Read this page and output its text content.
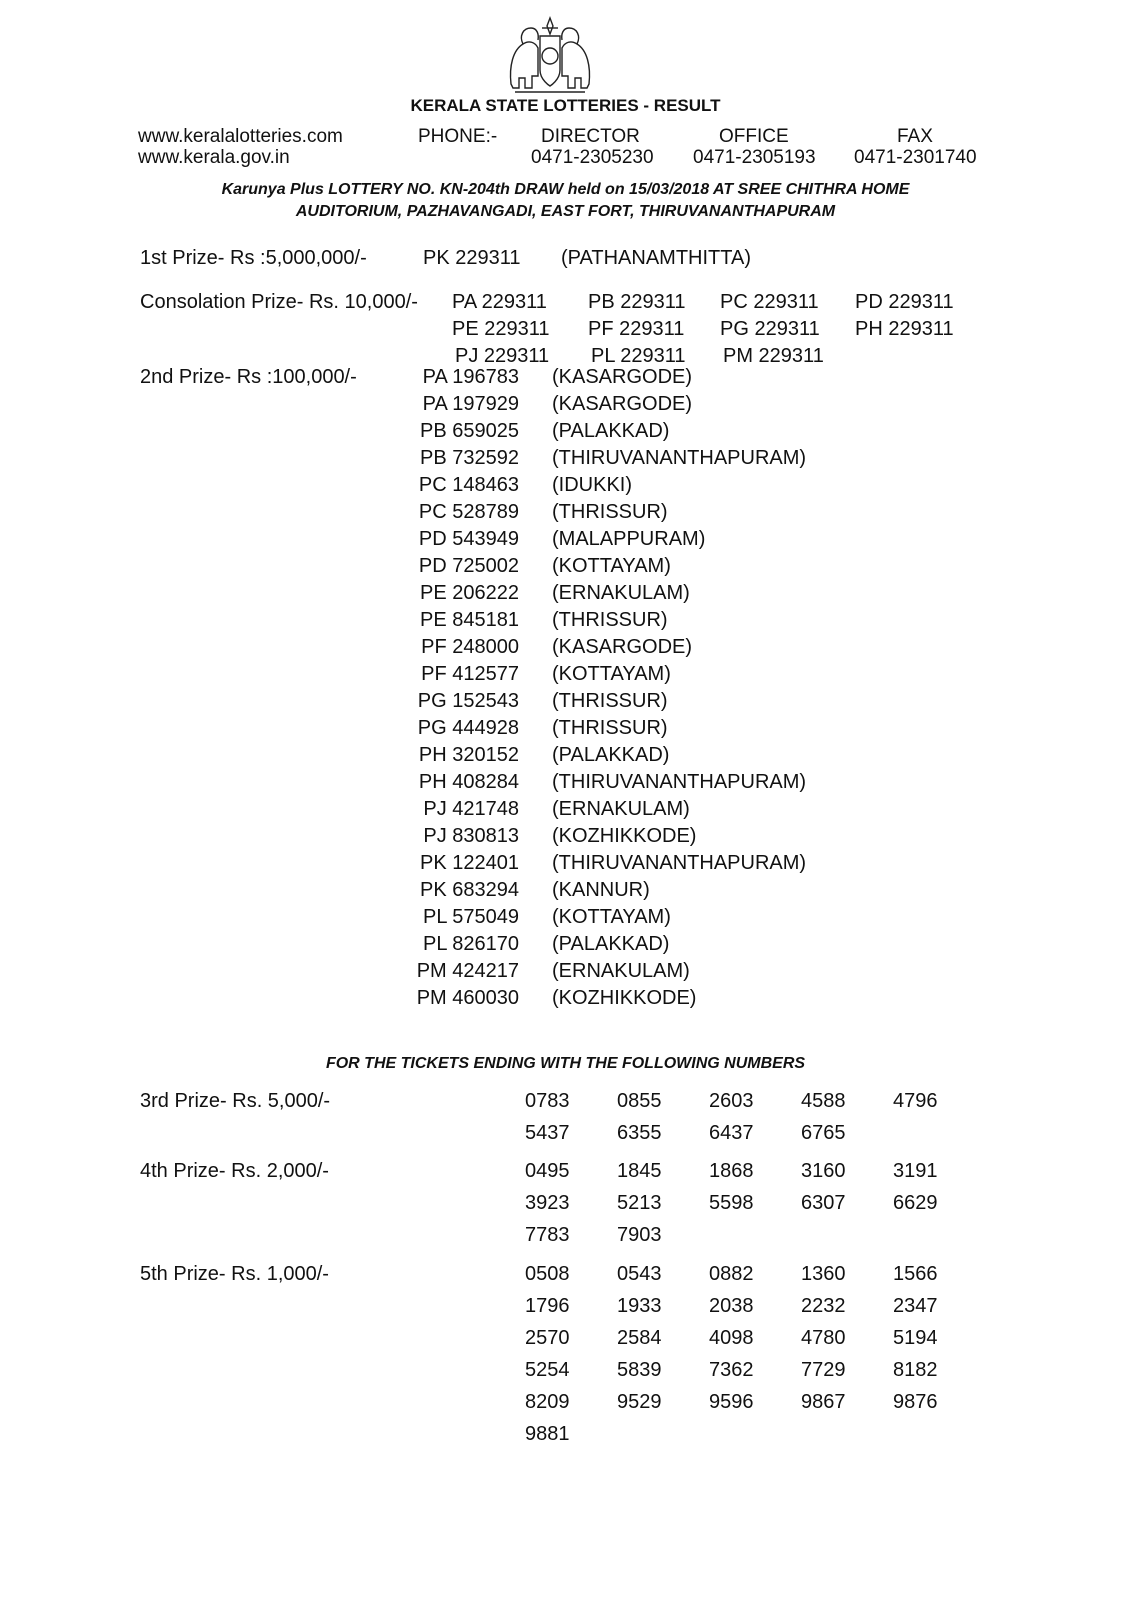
KERALA STATE LOTTERIES - RESULT
www.keralalotteries.com
www.kerala.gov.in
PHONE:- DIRECTOR
0471-2305230
OFFICE
0471-2305193
FAX
0471-2301740
Karunya Plus LOTTERY NO. KN-204th DRAW held on 15/03/2018 AT SREE CHITHRA HOME
AUDITORIUM, PAZHAVANGADI, EAST FORT, THIRUVANANTHAPURAM
1st Prize- Rs :5,000,000/-	PK 229311 (PATHANAMTHITTA)
Consolation Prize- Rs. 10,000/- PA 229311 PB 229311 PC 229311 PD 229311
PE 229311 PF 229311 PG 229311 PH 229311
PJ 229311 PL 229311 PM 229311
2nd Prize- Rs :100,000/-	PA 196783 (KASARGODE)
PA 197929 (KASARGODE)
PB 659025 (PALAKKAD)
PB 732592 (THIRUVANANTHAPURAM)
PC 148463 (IDUKKI)
PC 528789 (THRISSUR)
PD 543949 (MALAPPURAM)
PD 725002 (KOTTAYAM)
PE 206222 (ERNAKULAM)
PE 845181 (THRISSUR)
PF 248000 (KASARGODE)
PF 412577 (KOTTAYAM)
PG 152543 (THRISSUR)
PG 444928 (THRISSUR)
PH 320152 (PALAKKAD)
PH 408284 (THIRUVANANTHAPURAM)
PJ 421748 (ERNAKULAM)
PJ 830813 (KOZHIKKODE)
PK 122401 (THIRUVANANTHAPURAM)
PK 683294 (KANNUR)
PL 575049 (KOTTAYAM)
PL 826170 (PALAKKAD)
PM 424217 (ERNAKULAM)
PM 460030 (KOZHIKKODE)
FOR THE TICKETS ENDING WITH THE FOLLOWING NUMBERS
3rd Prize- Rs. 5,000/-	0783 0855 2603 4588 4796
5437 6355 6437 6765
4th Prize- Rs. 2,000/-	0495 1845 1868 3160 3191
3923 5213 5598 6307 6629
7783 7903
5th Prize- Rs. 1,000/-	0508 0543 0882 1360 1566
1796 1933 2038 2232 2347
2570 2584 4098 4780 5194
5254 5839 7362 7729 8182
8209 9529 9596 9867 9876
9881
